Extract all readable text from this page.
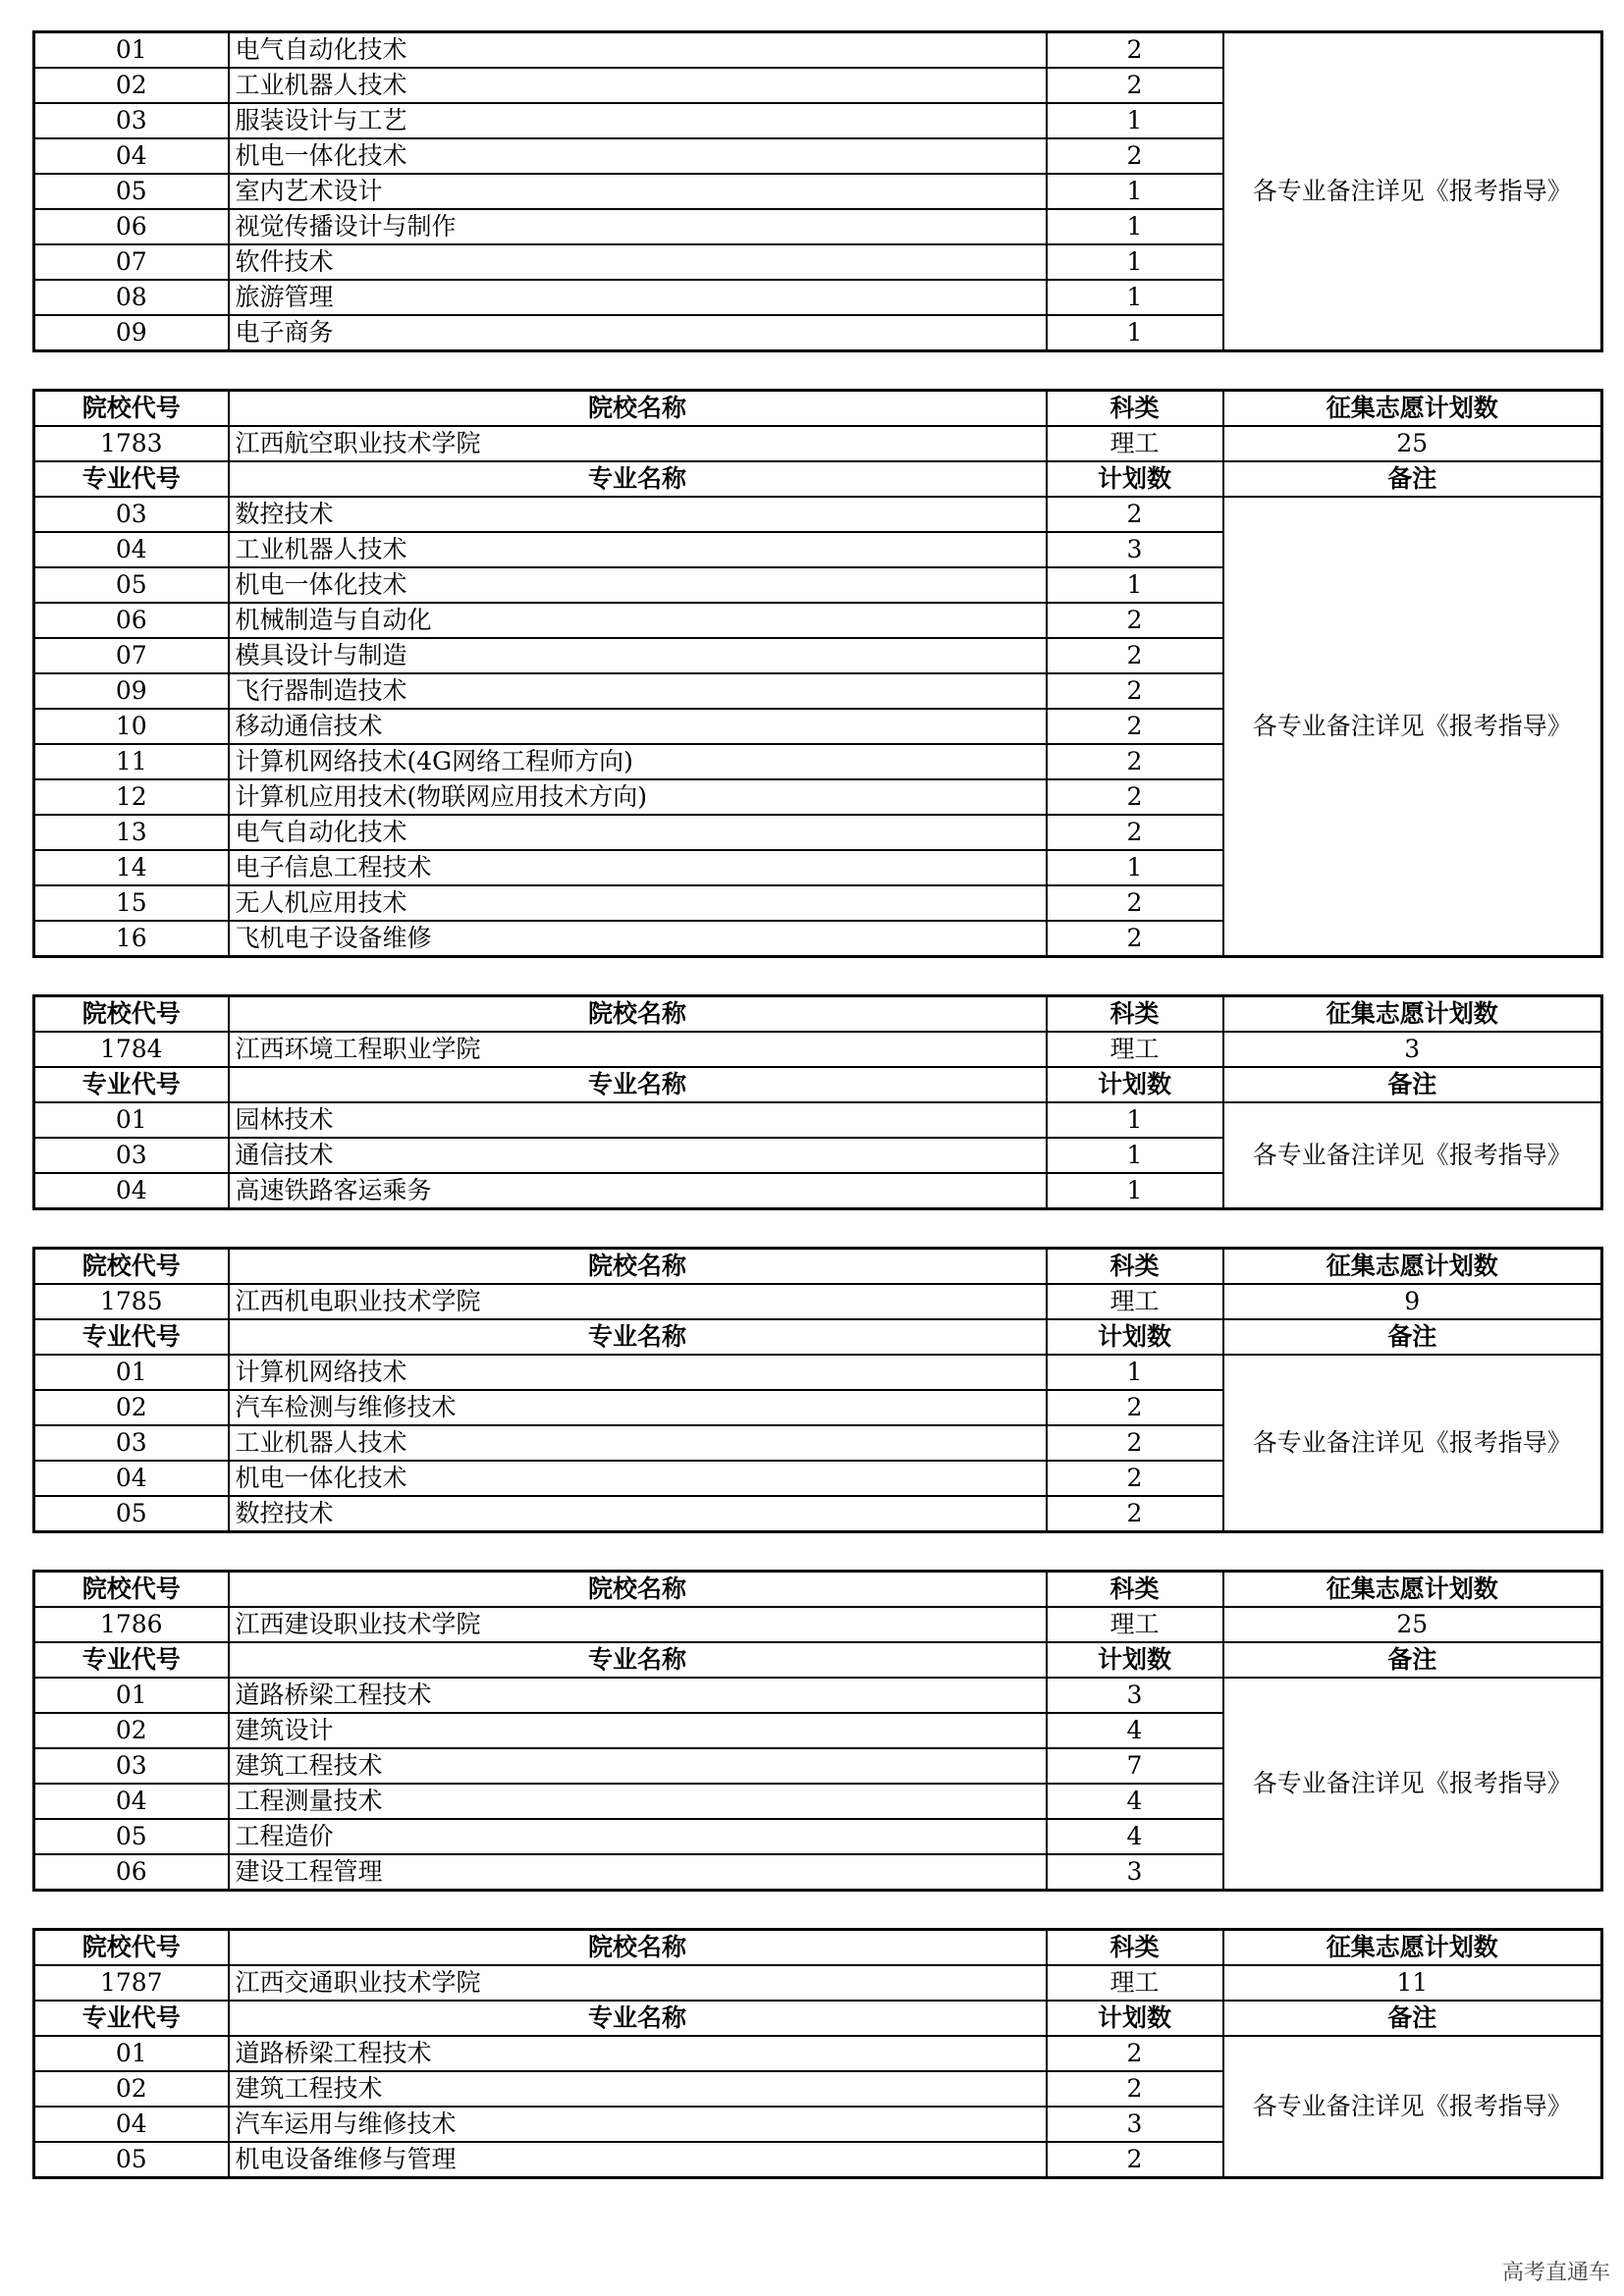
01	电气自动化技术	2	各专业备注详见《报考指导》
02	工业机器人技术	2	
03	服装设计与工艺	1	
04	机电一体化技术	2	
05	室内艺术设计	1	
06	视觉传播设计与制作	1	
07	软件技术	1	
08	旅游管理	1	
09	电子商务	1	
院校代号	院校名称	科类	征集志愿计划数
1783	江西航空职业技术学院	理工	25
专业代号	专业名称	计划数	备注
03	数控技术	2	各专业备注详见《报考指导》
04	工业机器人技术	3	
05	机电一体化技术	1	
06	机械制造与自动化	2	
07	模具设计与制造	2	
09	飞行器制造技术	2	
10	移动通信技术	2	
11	计算机网络技术(4G网络工程师方向)	2	
12	计算机应用技术(物联网应用技术方向)	2	
13	电气自动化技术	2	
14	电子信息工程技术	1	
15	无人机应用技术	2	
16	飞机电子设备维修	2	
院校代号	院校名称	科类	征集志愿计划数
1784	江西环境工程职业学院	理工	3
专业代号	专业名称	计划数	备注
01	园林技术	1	各专业备注详见《报考指导》
03	通信技术	1	
04	高速铁路客运乘务	1	
院校代号	院校名称	科类	征集志愿计划数
1785	江西机电职业技术学院	理工	9
专业代号	专业名称	计划数	备注
01	计算机网络技术	1	各专业备注详见《报考指导》
02	汽车检测与维修技术	2	
03	工业机器人技术	2	
04	机电一体化技术	2	
05	数控技术	2	
院校代号	院校名称	科类	征集志愿计划数
1786	江西建设职业技术学院	理工	25
专业代号	专业名称	计划数	备注
01	道路桥梁工程技术	3	各专业备注详见《报考指导》
02	建筑设计	4	
03	建筑工程技术	7	
04	工程测量技术	4	
05	工程造价	4	
06	建设工程管理	3	
院校代号	院校名称	科类	征集志愿计划数
1787	江西交通职业技术学院	理工	11
专业代号	专业名称	计划数	备注
01	道路桥梁工程技术	2	各专业备注详见《报考指导》
02	建筑工程技术	2	
04	汽车运用与维修技术	3	
05	机电设备维修与管理	2	
高考直通车
